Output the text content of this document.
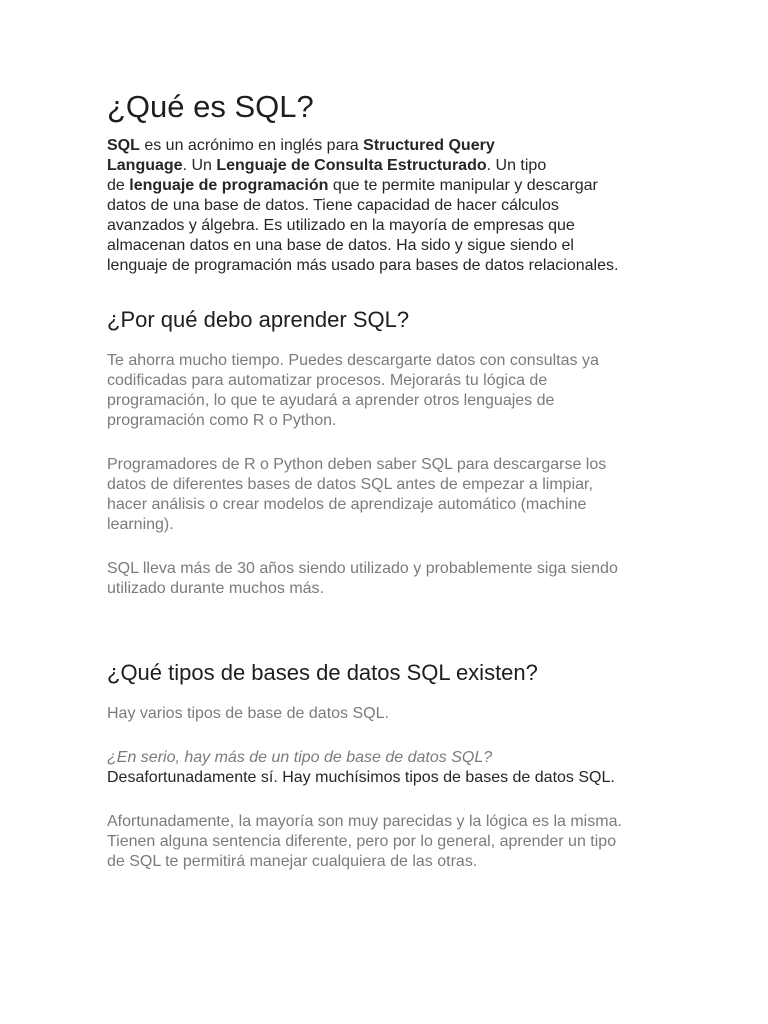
¿Qué es SQL?

SQL es un acrónimo en inglés para Structured Query
Language. Un Lenguaje de Consulta Estructurado. Un tipo
de lenguaje de programación que te permite manipular y descargar
datos de una base de datos. Tiene capacidad de hacer cálculos
avanzados y álgebra. Es utilizado en la mayoría de empresas que
almacenan datos en una base de datos. Ha sido y sigue siendo el
lenguaje de programación más usado para bases de datos relacionales.

¿Por qué debo aprender SQL?

Te ahorra mucho tiempo. Puedes descargarte datos con consultas ya
codificadas para automatizar procesos. Mejorarás tu lógica de
programación, lo que te ayudará a aprender otros lenguajes de
programación como R o Python.

Programadores de R o Python deben saber SQL para descargarse los
datos de diferentes bases de datos SQL antes de empezar a limpiar,
hacer análisis o crear modelos de aprendizaje automático (machine
learning).

SQL lleva más de 30 años siendo utilizado y probablemente siga siendo
utilizado durante muchos más.

¿Qué tipos de bases de datos SQL existen?

Hay varios tipos de base de datos SQL.

¿En serio, hay más de un tipo de base de datos SQL?
Desafortunadamente sí. Hay muchísimos tipos de bases de datos SQL.

Afortunadamente, la mayoría son muy parecidas y la lógica es la misma.
Tienen alguna sentencia diferente, pero por lo general, aprender un tipo
de SQL te permitirá manejar cualquiera de las otras.
